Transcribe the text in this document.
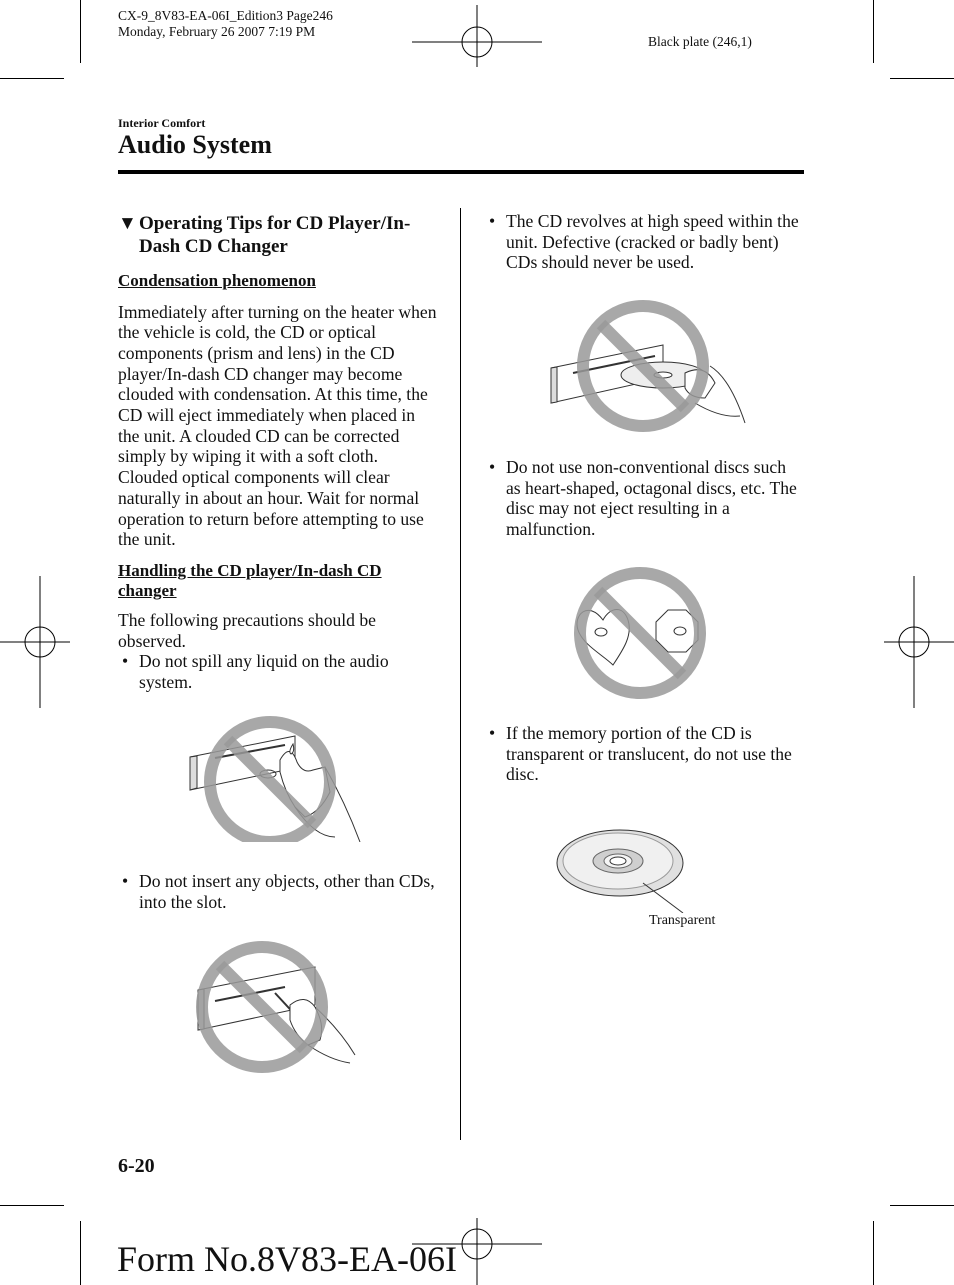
CX-9_8V83-EA-06I_Edition3 Page246
Monday, February 26 2007 7:19 PM
Black plate (246,1)
Interior Comfort
Audio System
▼ Operating Tips for CD Player/In-Dash CD Changer
Condensation phenomenon

Immediately after turning on the heater when the vehicle is cold, the CD or optical components (prism and lens) in the CD player/In-dash CD changer may become clouded with condensation. At this time, the CD will eject immediately when placed in the unit. A clouded CD can be corrected simply by wiping it with a soft cloth. Clouded optical components will clear naturally in about an hour. Wait for normal operation to return before attempting to use the unit.

Handling the CD player/In-dash CD changer

The following precautions should be observed.

• Do not spill any liquid on the audio system.
• Do not insert any objects, other than CDs, into the slot.
• The CD revolves at high speed within the unit. Defective (cracked or badly bent) CDs should never be used.
• Do not use non-conventional discs such as heart-shaped, octagonal discs, etc. The disc may not eject resulting in a malfunction.
• If the memory portion of the CD is transparent or translucent, do not use the disc.
Transparent
6-20
Form No.8V83-EA-06I
